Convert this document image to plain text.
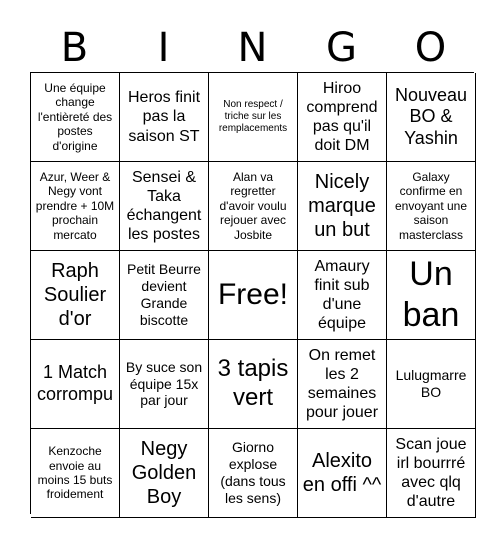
B	I	N	G	O
Une équipe change l'entièreté des postes d'origine
Heros finit pas la saison ST
Non respect / triche sur les remplacements
Hiroo comprend pas qu'il doit DM
Nouveau BO & Yashin
Azur, Weer & Negy vont prendre + 10M prochain mercato
Sensei & Taka échangent les postes
Alan va regretter d'avoir voulu rejouer avec Josbite
Nicely marque un but
Galaxy confirme en envoyant une saison masterclass
Raph Soulier d'or
Petit Beurre devient Grande biscotte
Free!
Amaury finit sub d'une équipe
Un ban
1 Match corrompu
By suce son équipe 15x par jour
3 tapis vert
On remet les 2 semaines pour jouer
Lulugmarre BO
Kenzoche envoie au moins 15 buts froidement
Negy Golden Boy
Giorno explose (dans tous les sens)
Alexito en offi ^^
Scan joue irl bourrré avec qlq d'autre
